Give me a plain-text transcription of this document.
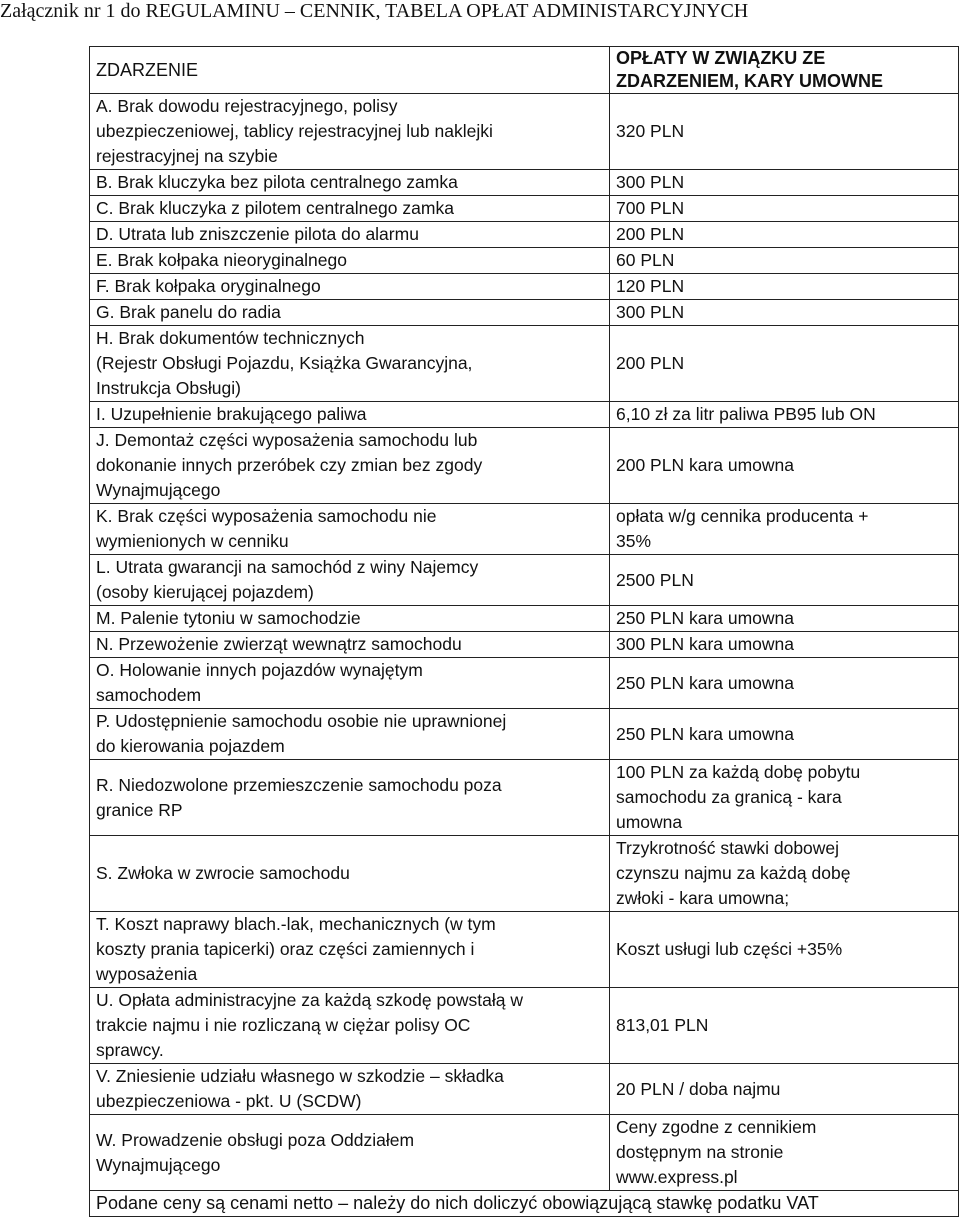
Załącznik nr 1 do REGULAMINU – CENNIK, TABELA OPŁAT ADMINISTARCYJNYCH
ZDARZENIE	OPŁATY W ZWIĄZKU ZE
ZDARZENIEM, KARY UMOWNE

A. Brak dowodu rejestracyjnego, polisy
ubezpieczeniowej, tablicy rejestracyjnej lub naklejki
rejestracyjnej na szybie	320 PLN

B. Brak kluczyka bez pilota centralnego zamka	300 PLN

C. Brak kluczyka z pilotem centralnego zamka	700 PLN

D. Utrata lub zniszczenie pilota do alarmu	200 PLN

E. Brak kołpaka nieoryginalnego	60 PLN

F. Brak kołpaka oryginalnego	120 PLN

G. Brak panelu do radia	300 PLN

H. Brak dokumentów technicznych
(Rejestr Obsługi Pojazdu, Książka Gwarancyjna,
Instrukcja Obsługi)	200 PLN

I. Uzupełnienie brakującego paliwa	6,10 zł za litr paliwa PB95 lub ON

J. Demontaż części wyposażenia samochodu lub
dokonanie innych przeróbek czy zmian bez zgody
Wynajmującego	200 PLN kara umowna

K. Brak części wyposażenia samochodu nie
wymienionych w cenniku	opłata w/g cennika producenta +
35%

L. Utrata gwarancji na samochód z winy Najemcy
(osoby kierującej pojazdem)	2500 PLN

M. Palenie tytoniu w samochodzie	250 PLN kara umowna

N. Przewożenie zwierząt wewnątrz samochodu	300 PLN kara umowna

O. Holowanie innych pojazdów wynajętym
samochodem	250 PLN kara umowna

P. Udostępnienie samochodu osobie nie uprawnionej
do kierowania pojazdem	250 PLN kara umowna

R. Niedozwolone przemieszczenie samochodu poza
granice RP	100 PLN za każdą dobę pobytu
samochodu za granicą - kara
umowna

S. Zwłoka w zwrocie samochodu	Trzykrotność stawki dobowej
czynszu najmu za każdą dobę
zwłoki - kara umowna;

T. Koszt naprawy blach.-lak, mechanicznych (w tym
koszty prania tapicerki) oraz części zamiennych i
wyposażenia	Koszt usługi lub części +35%

U. Opłata administracyjne za każdą szkodę powstałą w
trakcie najmu i nie rozliczaną w ciężar polisy OC
sprawcy.	813,01 PLN

V. Zniesienie udziału własnego w szkodzie – składka
ubezpieczeniowa - pkt. U (SCDW)	20 PLN / doba najmu

W. Prowadzenie obsługi poza Oddziałem
Wynajmującego	Ceny zgodne z cennikiem
dostępnym na stronie
www.express.pl

Podane ceny są cenami netto – należy do nich doliczyć obowiązującą stawkę podatku VAT	
